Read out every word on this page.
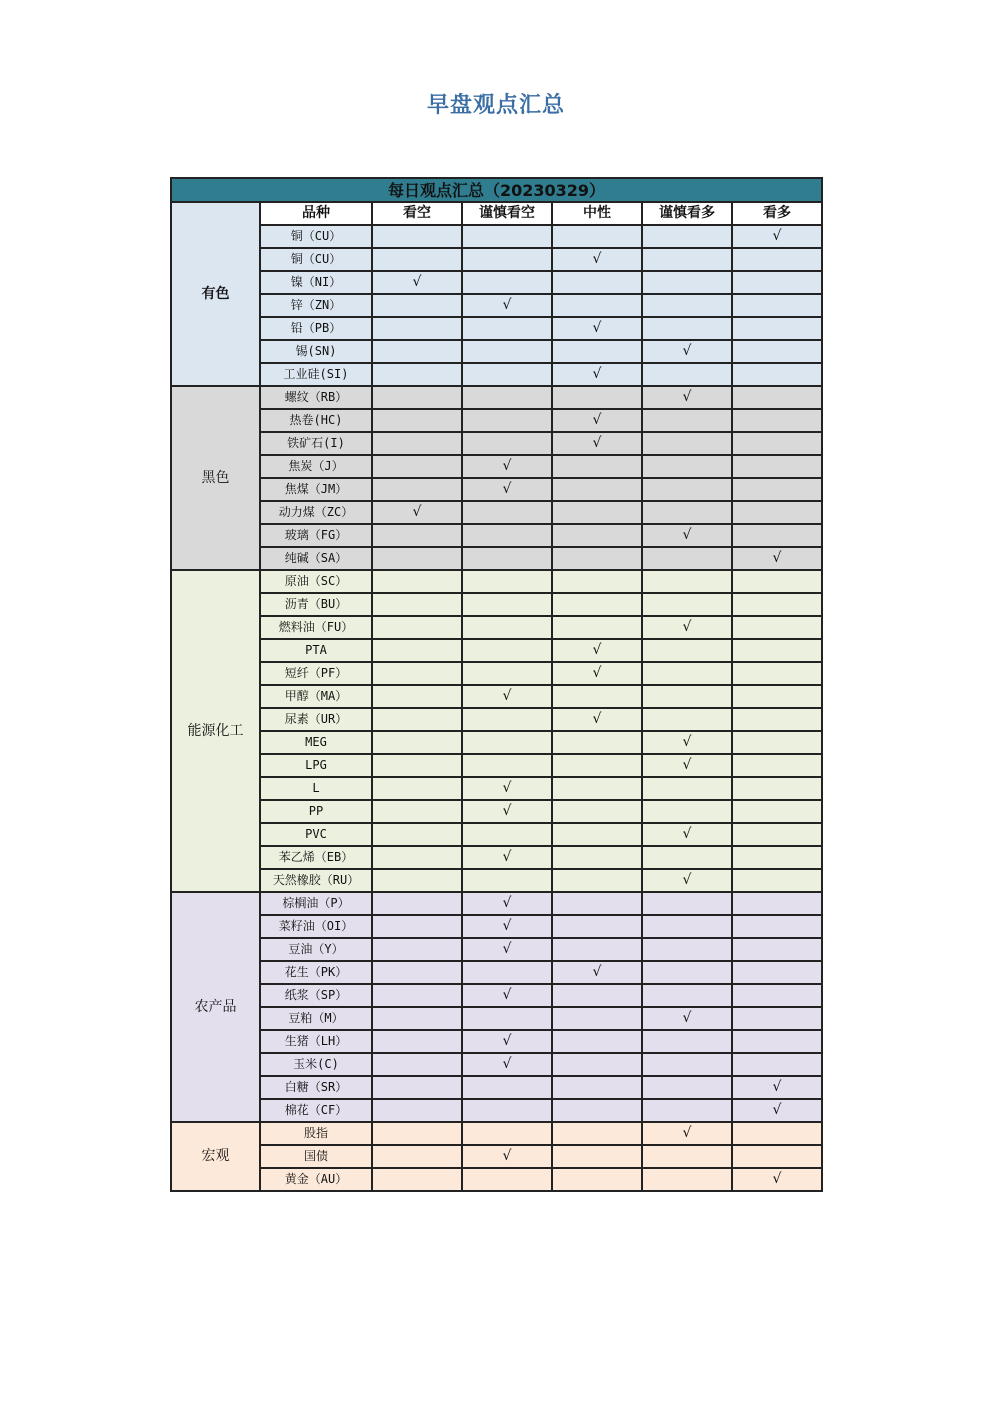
早盘观点汇总
每日观点汇总（20230329）						
有色	品种	看空	谨慎看空	中性	谨慎看多	看多
	铜（CU）					√
	铜（CU）			√		
	镍（NI）	√				
	锌（ZN）		√			
	铅（PB）			√		
	锡(SN)				√	
	工业硅(SI)			√		
黑色	螺纹（RB）				√	
	热卷(HC)			√		
	铁矿石(I)			√		
	焦炭（J）		√			
	焦煤（JM）		√			
	动力煤（ZC）	√				
	玻璃（FG）				√	
	纯碱（SA）					√
能源化工	原油（SC）					
	沥青（BU）					
	燃料油（FU）				√	
	PTA			√		
	短纤（PF）			√		
	甲醇（MA）		√			
	尿素（UR）			√		
	MEG				√	
	LPG				√	
	L		√			
	PP		√			
	PVC				√	
	苯乙烯（EB）		√			
	天然橡胶（RU）				√	
农产品	棕榈油（P）		√			
	菜籽油（OI）		√			
	豆油（Y）		√			
	花生（PK）			√		
	纸浆（SP）		√			
	豆粕（M）				√	
	生猪（LH）		√			
	玉米(C)		√			
	白糖（SR）					√
	棉花（CF）					√
宏观	股指				√	
	国债		√			
	黄金（AU）					√
